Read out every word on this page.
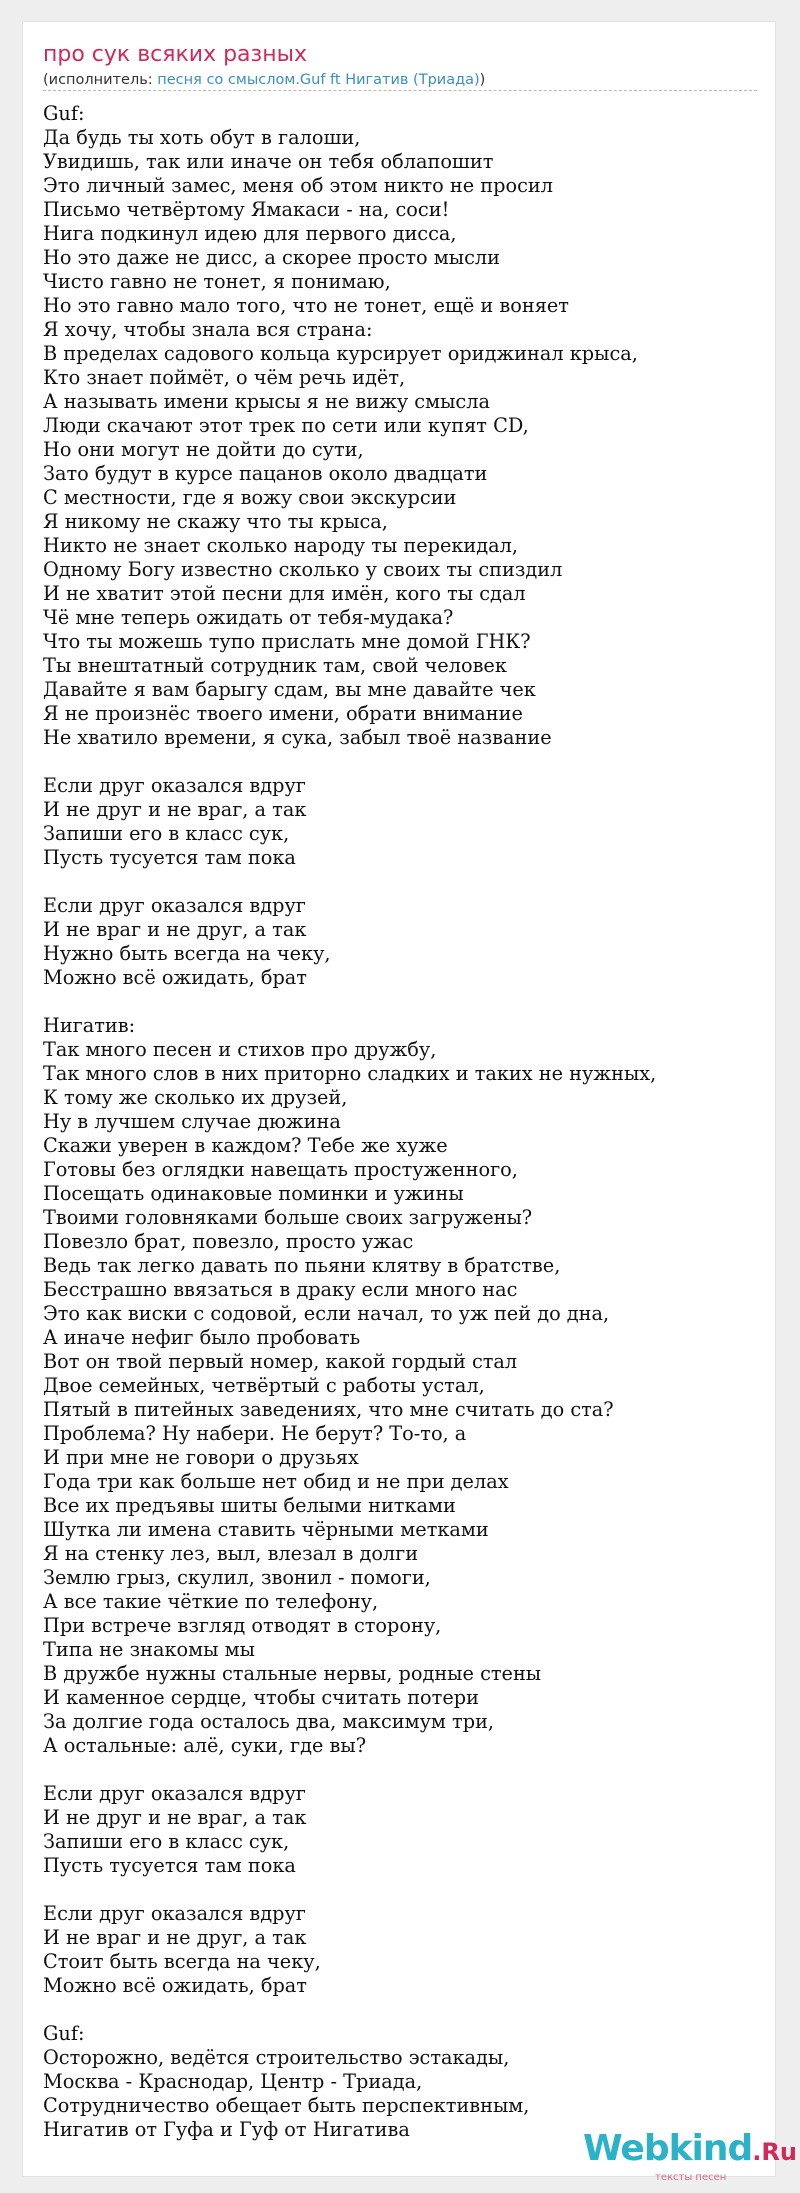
про сук всяких разных
(исполнитель: песня со смыслом.Guf ft Нигатив (Триада))
Guf:
Да будь ты хоть обут в галоши,
Увидишь, так или иначе он тебя облапошит
Это личный замес, меня об этом никто не просил
Письмо четвёртому Ямакаси - на, соси!
Нига подкинул идею для первого дисса,
Но это даже не дисс, а скорее просто мысли
Чисто гавно не тонет, я понимаю,
Но это гавно мало того, что не тонет, ещё и воняет
Я хочу, чтобы знала вся страна:
В пределах садового кольца курсирует ориджинал крыса,
Кто знает поймёт, о чём речь идёт,
А называть имени крысы я не вижу смысла
Люди скачают этот трек по сети или купят CD,
Но они могут не дойти до сути,
Зато будут в курсе пацанов около двадцати
С местности, где я вожу свои экскурсии
Я никому не скажу что ты крыса,
Никто не знает сколько народу ты перекидал,
Одному Богу известно сколько у своих ты спиздил
И не хватит этой песни для имён, кого ты сдал
Чё мне теперь ожидать от тебя-мудака?
Что ты можешь тупо прислать мне домой ГНК?
Ты внештатный сотрудник там, свой человек
Давайте я вам барыгу сдам, вы мне давайте чек
Я не произнёс твоего имени, обрати внимание
Не хватило времени, я сука, забыл твоё название
Если друг оказался вдруг
И не друг и не враг, а так
Запиши его в класс сук,
Пусть тусуется там пока
Если друг оказался вдруг
И не враг и не друг, а так
Нужно быть всегда на чеку,
Можно всё ожидать, брат
Нигатив:
Так много песен и стихов про дружбу,
Так много слов в них приторно сладких и таких не нужных,
К тому же сколько их друзей,
Ну в лучшем случае дюжина
Скажи уверен в каждом? Тебе же хуже
Готовы без оглядки навещать простуженного,
Посещать одинаковые поминки и ужины
Твоими головняками больше своих загружены?
Повезло брат, повезло, просто ужас
Ведь так легко давать по пьяни клятву в братстве,
Бесстрашно ввязаться в драку если много нас
Это как виски с содовой, если начал, то уж пей до дна,
А иначе нефиг было пробовать
Вот он твой первый номер, какой гордый стал
Двое семейных, четвёртый с работы устал,
Пятый в питейных заведениях, что мне считать до ста?
Проблема? Ну набери. Не берут? То-то, а
И при мне не говори о друзьях
Года три как больше нет обид и не при делах
Все их предъявы шиты белыми нитками
Шутка ли имена ставить чёрными метками
Я на стенку лез, выл, влезал в долги
Землю грыз, скулил, звонил - помоги,
А все такие чёткие по телефону,
При встрече взгляд отводят в сторону,
Типа не знакомы мы
В дружбе нужны стальные нервы, родные стены
И каменное сердце, чтобы считать потери
За долгие года осталось два, максимум три,
А остальные: алё, суки, где вы?
Если друг оказался вдруг
И не друг и не враг, а так
Запиши его в класс сук,
Пусть тусуется там пока
Если друг оказался вдруг
И не враг и не друг, а так
Стоит быть всегда на чеку,
Можно всё ожидать, брат
Guf:
Осторожно, ведётся строительство эстакады,
Москва - Краснодар, Центр - Триада,
Сотрудничество обещает быть перспективным,
Нигатив от Гуфа и Гуф от Нигатива	Webkind.Ru
тексты песен
